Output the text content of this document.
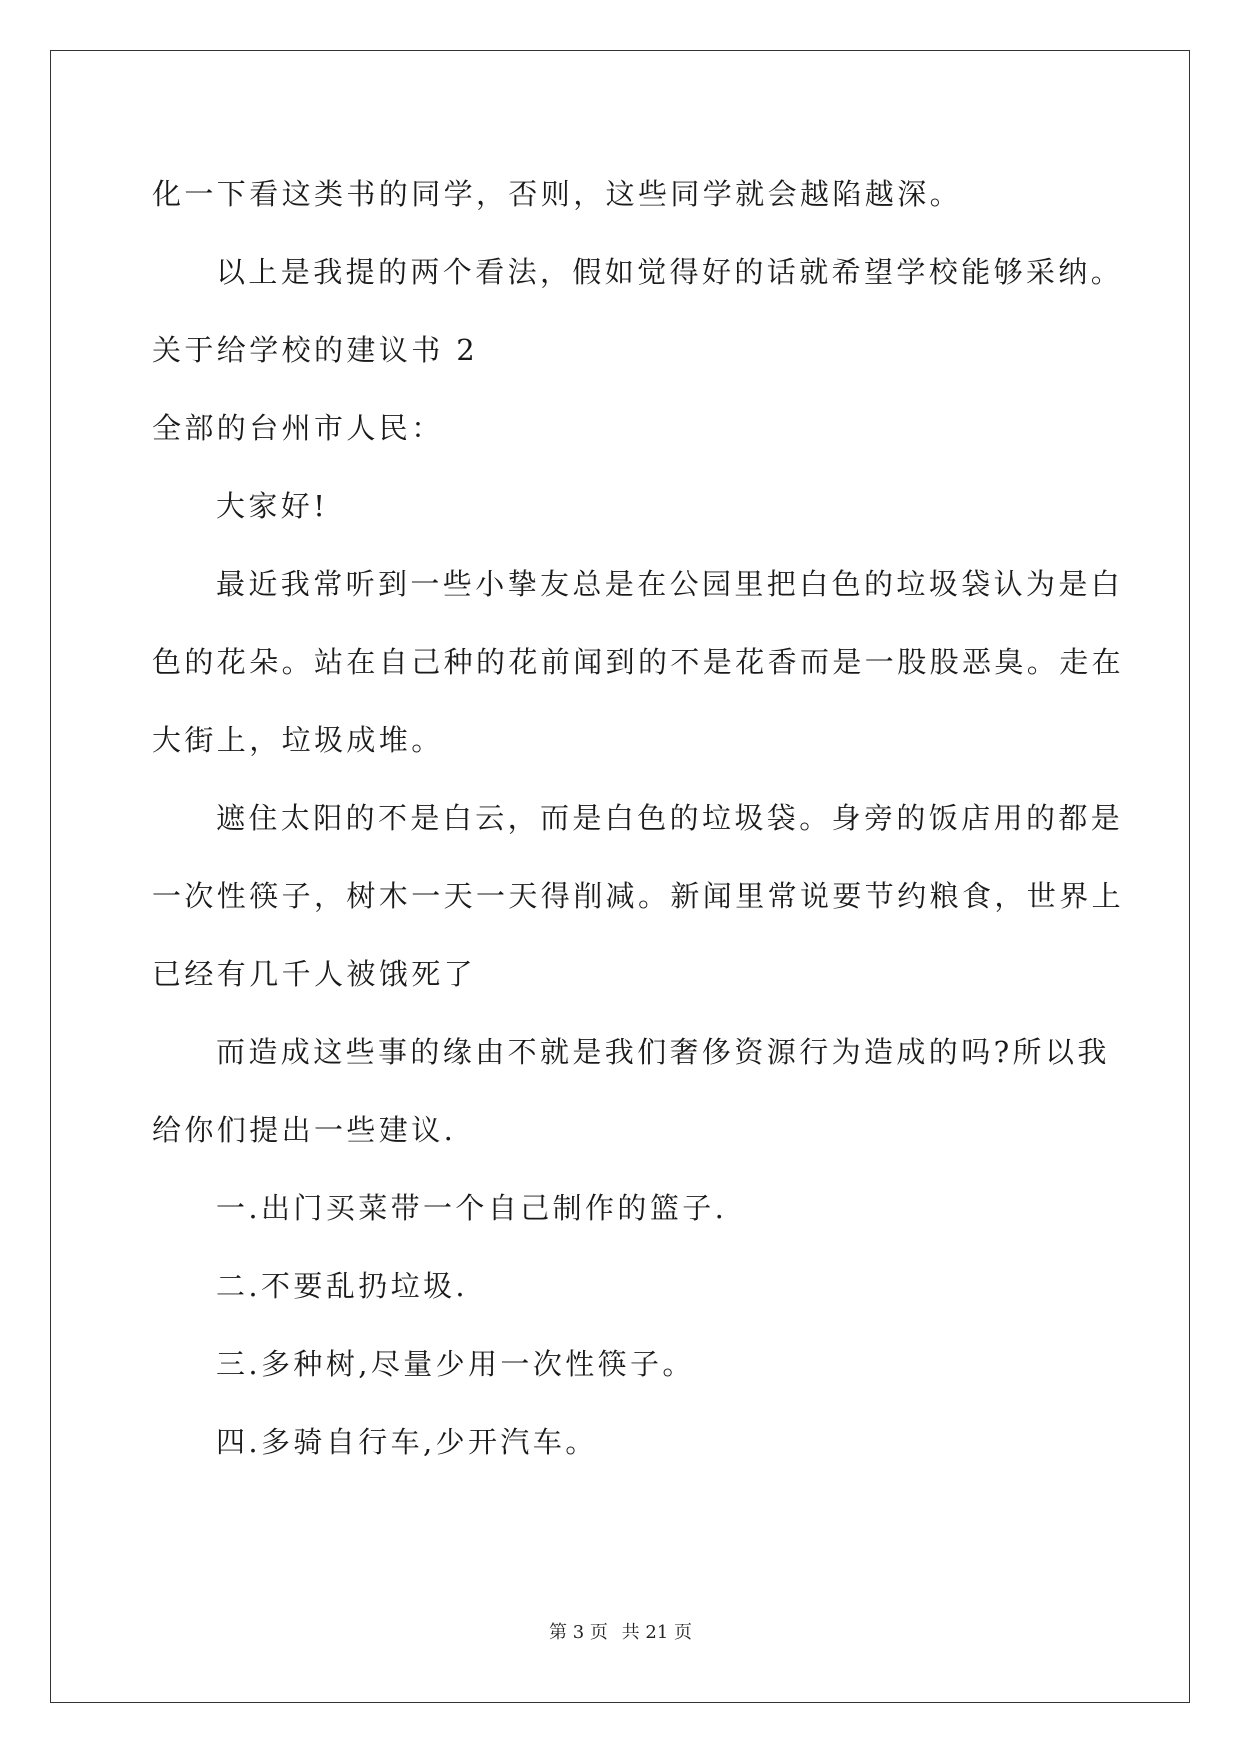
化一下看这类书的同学，否则，这些同学就会越陷越深。
以上是我提的两个看法，假如觉得好的话就希望学校能够采纳。
关于给学校的建议书 2
全部的台州市人民：
大家好!
最近我常听到一些小挚友总是在公园里把白色的垃圾袋认为是白
色的花朵。站在自己种的花前闻到的不是花香而是一股股恶臭。走在
大街上，垃圾成堆。
遮住太阳的不是白云，而是白色的垃圾袋。身旁的饭店用的都是
一次性筷子，树木一天一天得削减。新闻里常说要节约粮食，世界上
已经有几千人被饿死了
而造成这些事的缘由不就是我们奢侈资源行为造成的吗?所以我
给你们提出一些建议.
一.出门买菜带一个自己制作的篮子.
二.不要乱扔垃圾.
三.多种树,尽量少用一次性筷子。
四.多骑自行车,少开汽车。
第 3 页 共 21 页
